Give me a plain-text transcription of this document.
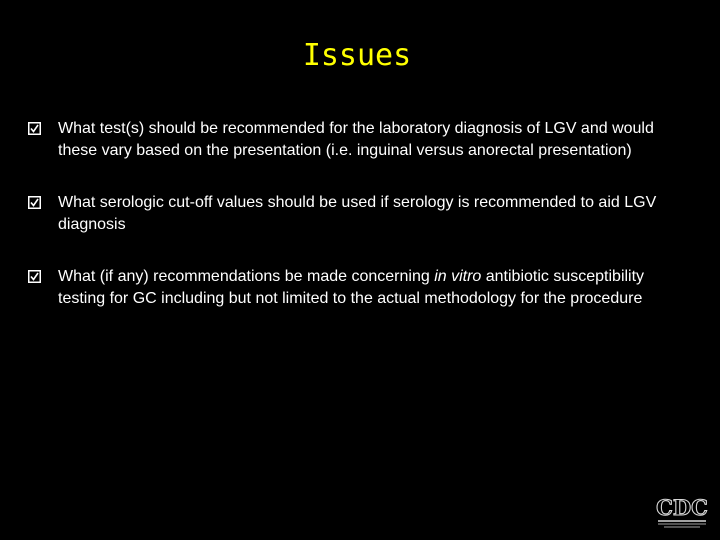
Issues
What test(s) should be recommended for the laboratory diagnosis of LGV and would these vary based on the presentation (i.e. inguinal versus anorectal presentation)
What serologic cut-off values should be used if serology is recommended to aid LGV diagnosis
What (if any) recommendations be made concerning in vitro antibiotic susceptibility testing for GC including but not limited to the actual methodology for the procedure
CDC
